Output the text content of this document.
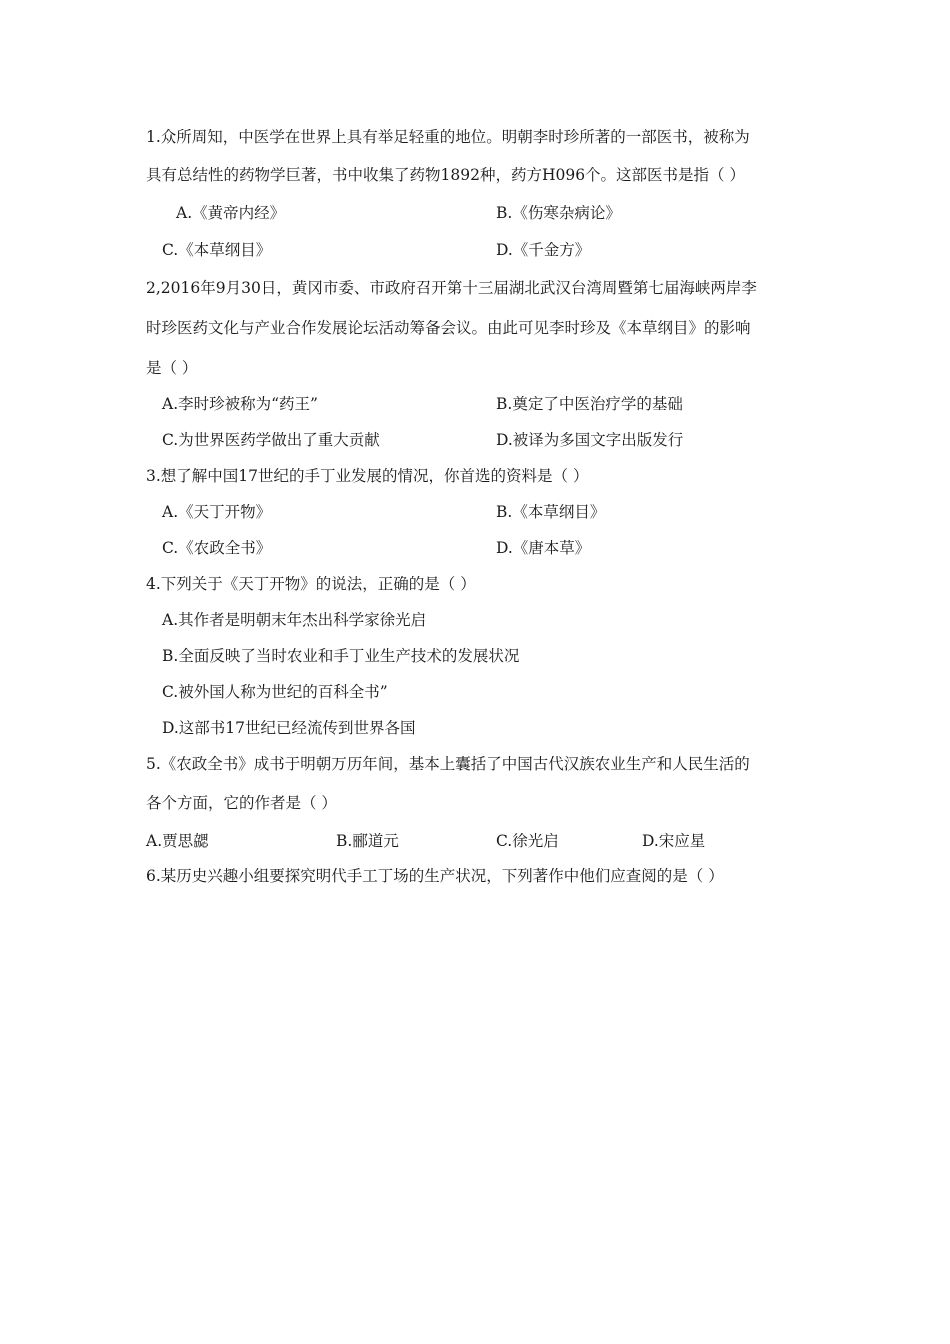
1.众所周知，中医学在世界上具有举足轻重的地位。明朝李时珍所著的一部医书，被称为
具有总结性的药物学巨著，书中收集了药物1892种，药方H096个。这部医书是指（ ）
A.《黄帝内经》	B.《伤寒杂病论》
C.《本草纲目》	D.《千金方》
2,2016年9月30日，黄冈市委、市政府召开第十三届湖北武汉台湾周暨第七届海峡两岸李
时珍医药文化与产业合作发展论坛活动筹备会议。由此可见李时珍及《本草纲目》的影响
是（ ）
A.李时珍被称为“药王”	B.奠定了中医治疗学的基础
C.为世界医药学做出了重大贡献	D.被译为多国文字出版发行
3.想了解中国17世纪的手丁业发展的情况，你首选的资料是（ ）
A.《天丁开物》	B.《本草纲目》
C.《农政全书》	D.《唐本草》
4.下列关于《天丁开物》的说法，正确的是（ ）
A.其作者是明朝末年杰出科学家徐光启
B.全面反映了当时农业和手丁业生产技术的发展状况
C.被外国人称为世纪的百科全书”
D.这部书17世纪已经流传到世界各国
5.《农政全书》成书于明朝万历年间，基本上囊括了中国古代汉族农业生产和人民生活的
各个方面，它的作者是（ ）
A.贾思勰	B.郦道元	C.徐光启	D.宋应星
6.某历史兴趣小组要探究明代手工丁场的生产状况，下列著作中他们应查阅的是（ ）
